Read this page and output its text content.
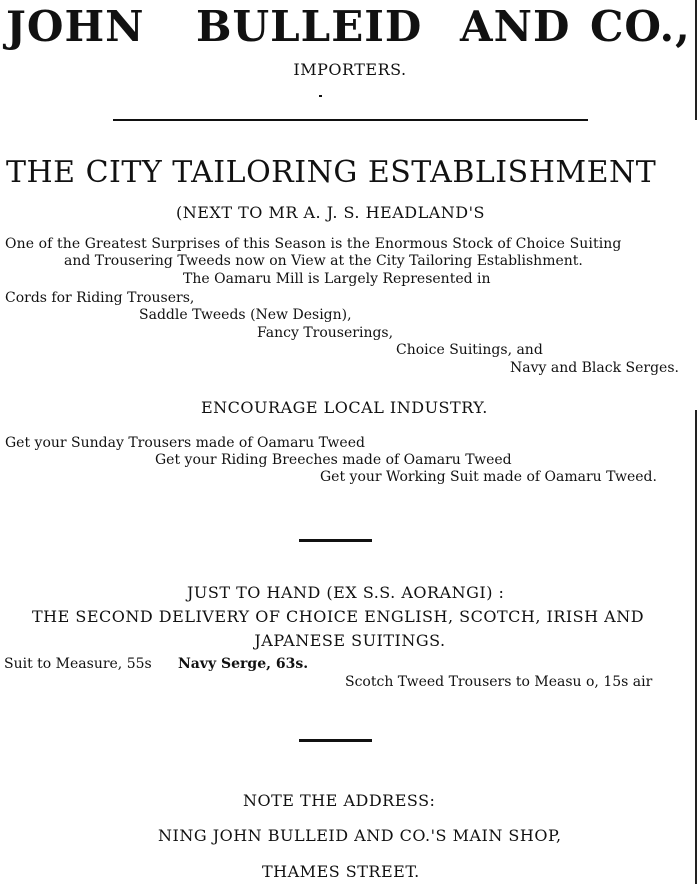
JOHN BULLEID AND CO.,
IMPORTERS.
THE CITY TAILORING ESTABLISHMENT
(NEXT TO MR A. J. S. HEADLAND'S
One of the Greatest Surprises of this Season is the Enormous Stock of Choice Suiting
and Trousering Tweeds now on View at the City Tailoring Establishment.
The Oamaru Mill is Largely Represented in
Cords for Riding Trousers,
Saddle Tweeds (New Design),
Fancy Trouserings,
Choice Suitings, and
Navy and Black Serges.
ENCOURAGE LOCAL INDUSTRY.
Get your Sunday Trousers made of Oamaru Tweed
Get your Riding Breeches made of Oamaru Tweed
Get your Working Suit made of Oamaru Tweed.
JUST TO HAND (EX S.S. AORANGI) :
THE SECOND DELIVERY OF CHOICE ENGLISH, SCOTCH, IRISH AND
JAPANESE SUITINGS.
Suit to Measure, 55s Navy Serge, 63s.
Scotch Tweed Trousers to Measu o, 15s air
NOTE THE ADDRESS:
NING JOHN BULLEID AND CO.'S MAIN SHOP,
THAMES STREET.
